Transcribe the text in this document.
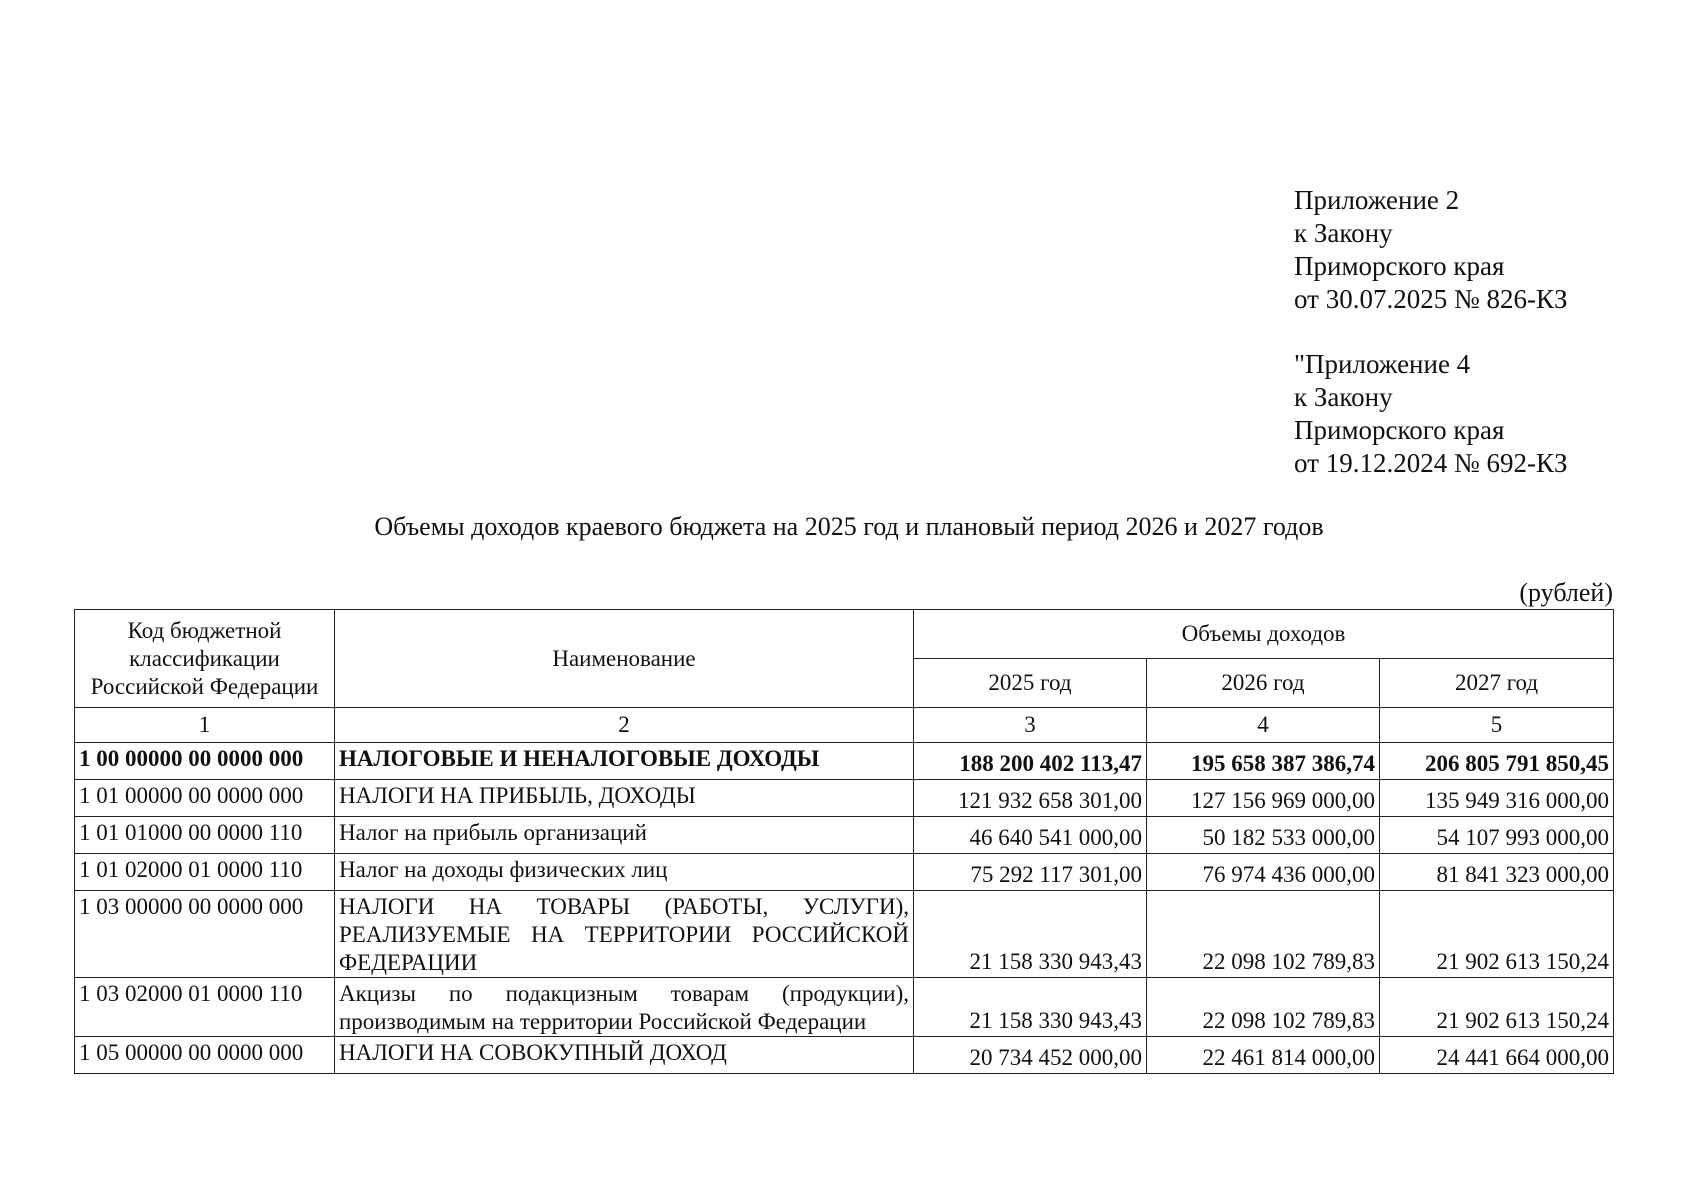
Приложение 2
к Закону
Приморского края
от 30.07.2025 № 826-КЗ
"Приложение 4
к Закону
Приморского края
от 19.12.2024 № 692-КЗ
Объемы доходов краевого бюджета на 2025 год и плановый период 2026 и 2027 годов
(рублей)
Код бюджетной классификации Российской Федерации	Наименование	Объемы доходов		
		2025 год	2026 год	2027 год
1	2	3	4	5
1 00 00000 00 0000 000	НАЛОГОВЫЕ И НЕНАЛОГОВЫЕ ДОХОДЫ	188 200 402 113,47	195 658 387 386,74	206 805 791 850,45
1 01 00000 00 0000 000	НАЛОГИ НА ПРИБЫЛЬ, ДОХОДЫ	121 932 658 301,00	127 156 969 000,00	135 949 316 000,00
1 01 01000 00 0000 110	Налог на прибыль организаций	46 640 541 000,00	50 182 533 000,00	54 107 993 000,00
1 01 02000 01 0000 110	Налог на доходы физических лиц	75 292 117 301,00	76 974 436 000,00	81 841 323 000,00
1 03 00000 00 0000 000	НАЛОГИ НА ТОВАРЫ (РАБОТЫ, УСЛУГИ), РЕАЛИЗУЕМЫЕ НА ТЕРРИТОРИИ РОССИЙСКОЙ ФЕДЕРАЦИИ	21 158 330 943,43	22 098 102 789,83	21 902 613 150,24
1 03 02000 01 0000 110	Акцизы по подакцизным товарам (продукции), производимым на территории Российской Федерации	21 158 330 943,43	22 098 102 789,83	21 902 613 150,24
1 05 00000 00 0000 000	НАЛОГИ НА СОВОКУПНЫЙ ДОХОД	20 734 452 000,00	22 461 814 000,00	24 441 664 000,00
